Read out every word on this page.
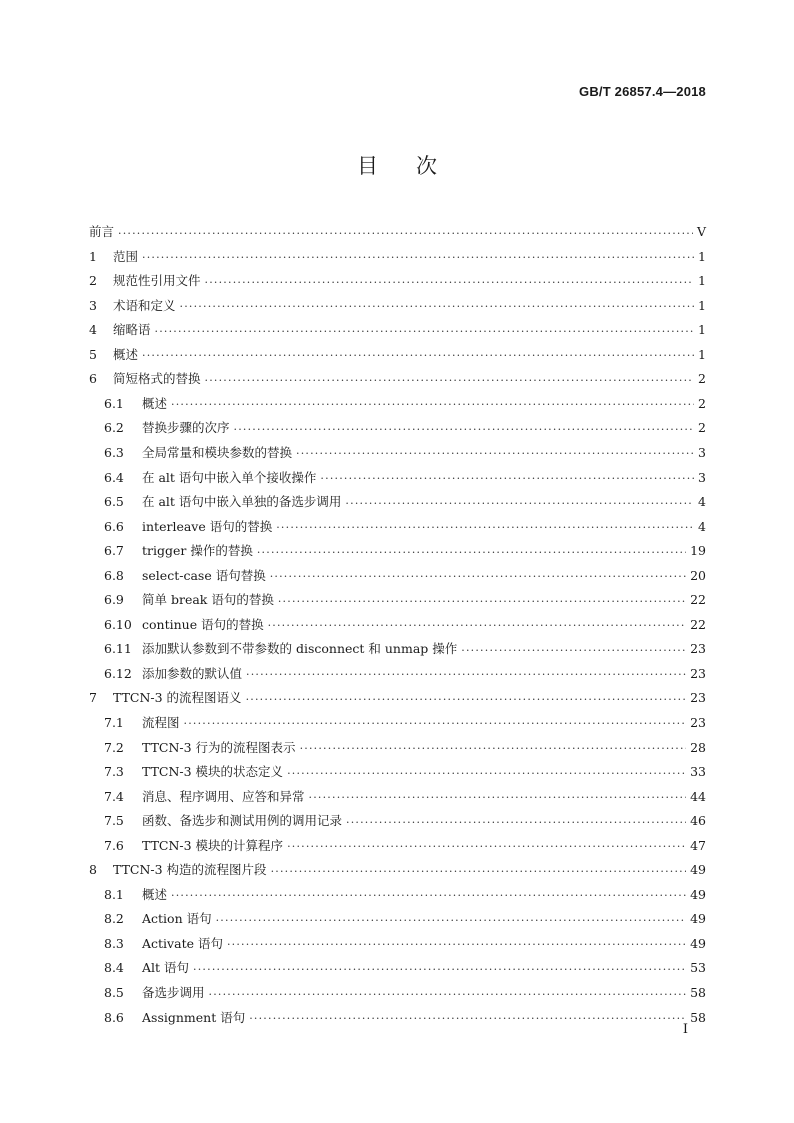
GB/T 26857.4—2018
目次
前言 ·····	V
1	范围 ·····	1
2	规范性引用文件 ·····	1
3	术语和定义 ·····	1
4	缩略语 ·····	1
5	概述 ·····	1
6	简短格式的替换 ·····	2
6.1	概述 ·····	2
6.2	替换步骤的次序 ·····	2
6.3	全局常量和模块参数的替换 ·····	3
6.4	在 alt 语句中嵌入单个接收操作 ·····	3
6.5	在 alt 语句中嵌入单独的备选步调用 ·····	4
6.6	interleave 语句的替换 ·····	4
6.7	trigger 操作的替换 ·····	19
6.8	select-case 语句替换 ·····	20
6.9	简单 break 语句的替换 ·····	22
6.10 continue 语句的替换 ·····	22
6.11 添加默认参数到不带参数的 disconnect 和 unmap 操作 ·····	23
6.12 添加参数的默认值 ·····	23
7	TTCN-3 的流程图语义 ·····	23
7.1	流程图 ·····	23
7.2	TTCN-3 行为的流程图表示 ·····	28
7.3	TTCN-3 模块的状态定义 ·····	33
7.4	消息、程序调用、应答和异常 ·····	44
7.5	函数、备选步和测试用例的调用记录 ·····	46
7.6	TTCN-3 模块的计算程序 ·····	47
8	TTCN-3 构造的流程图片段 ·····	49
8.1	概述 ·····	49
8.2	Action 语句 ·····	49
8.3	Activate 语句 ·····	49
8.4	Alt 语句 ·····	53
8.5	备选步调用 ·····	58
8.6	Assignment 语句 ·····	58
I
